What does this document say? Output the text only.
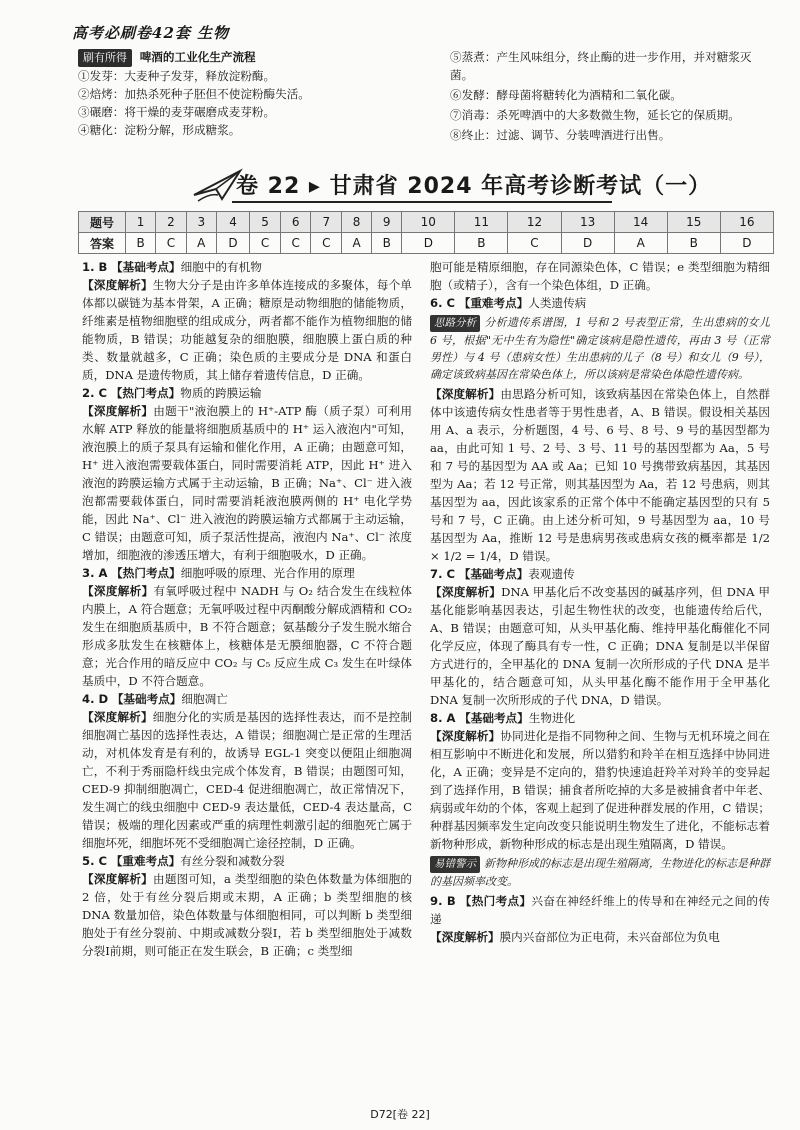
高考必刷卷42套 生物
刷有所得 啤酒的工业化生产流程
①发芽：大麦种子发芽，释放淀粉酶。
②焙烤：加热杀死种子胚但不使淀粉酶失活。
③碾磨：将干燥的麦芽碾磨成麦芽粉。
④糖化：淀粉分解，形成糖浆。
⑤蒸煮：产生风味组分，终止酶的进一步作用，并对糖浆灭菌。
⑥发酵：酵母菌将糖转化为酒精和二氧化碳。
⑦消毒：杀死啤酒中的大多数微生物，延长它的保质期。
⑧终止：过滤、调节、分装啤酒进行出售。
卷 22 ▸ 甘肃省 2024 年高考诊断考试（一）
题号	1	2	3	4	5	6	7	8	9	10	11	12	13	14	15	16
答案	B	C	A	D	C	C	C	A	B	D	B	C	D	A	B	D
1. B 【基础考点】细胞中的有机物
【深度解析】生物大分子是由许多单体连接成的多聚体，每个单体都以碳链为基本骨架，A 正确；糖原是动物细胞的储能物质，纤维素是植物细胞壁的组成成分，两者都不能作为植物细胞的储能物质，B 错误；功能越复杂的细胞膜，细胞膜上蛋白质的种类、数量就越多，C 正确；染色质的主要成分是 DNA 和蛋白质，DNA 是遗传物质，其上储存着遗传信息，D 正确。
2. C 【热门考点】物质的跨膜运输
【深度解析】由题干"液泡膜上的 H⁺-ATP 酶（质子泵）可利用水解 ATP 释放的能量将细胞质基质中的 H⁺ 运入液泡内"可知，液泡膜上的质子泵具有运输和催化作用，A 正确；由题意可知，H⁺ 进入液泡需要载体蛋白，同时需要消耗 ATP，因此 H⁺ 进入液泡的跨膜运输方式属于主动运输，B 正确；Na⁺、Cl⁻ 进入液泡都需要载体蛋白，同时需要消耗液泡膜两侧的 H⁺ 电化学势能，因此 Na⁺、Cl⁻ 进入液泡的跨膜运输方式都属于主动运输，C 错误；由题意可知，质子泵活性提高，液泡内 Na⁺、Cl⁻ 浓度增加，细胞液的渗透压增大，有利于细胞吸水，D 正确。
3. A 【热门考点】细胞呼吸的原理、光合作用的原理
【深度解析】有氧呼吸过程中 NADH 与 O₂ 结合发生在线粒体内膜上，A 符合题意；无氧呼吸过程中丙酮酸分解成酒精和 CO₂ 发生在细胞质基质中，B 不符合题意；氨基酸分子发生脱水缩合形成多肽发生在核糖体上，核糖体是无膜细胞器，C 不符合题意；光合作用的暗反应中 CO₂ 与 C₅ 反应生成 C₃ 发生在叶绿体基质中，D 不符合题意。
4. D 【基础考点】细胞凋亡
【深度解析】细胞分化的实质是基因的选择性表达，而不是控制细胞凋亡基因的选择性表达，A 错误；细胞凋亡是正常的生理活动，对机体发育是有利的，故诱导 EGL-1 突变以便阻止细胞凋亡，不利于秀丽隐杆线虫完成个体发育，B 错误；由题图可知，CED-9 抑制细胞凋亡，CED-4 促进细胞凋亡，故正常情况下，发生凋亡的线虫细胞中 CED-9 表达量低，CED-4 表达量高，C 错误；极端的理化因素或严重的病理性刺激引起的细胞死亡属于细胞坏死，细胞坏死不受细胞凋亡途径控制，D 正确。
5. C 【重难考点】有丝分裂和减数分裂
【深度解析】由题图可知，a 类型细胞的染色体数量为体细胞的 2 倍，处于有丝分裂后期或末期，A 正确；b 类型细胞的核 DNA 数量加倍，染色体数量与体细胞相同，可以判断 b 类型细胞处于有丝分裂前、中期或减数分裂Ⅰ，若 b 类型细胞处于减数分裂Ⅰ前期，则可能正在发生联会，B 正确；c 类型细
胞可能是精原细胞，存在同源染色体，C 错误；e 类型细胞为精细胞（或精子），含有一个染色体组，D 正确。
6. C 【重难考点】人类遗传病
思路分析 分析遗传系谱图，1 号和 2 号表型正常，生出患病的女儿 6 号，根据"无中生有为隐性"确定该病是隐性遗传，再由 3 号（正常男性）与 4 号（患病女性）生出患病的儿子（8 号）和女儿（9 号），确定该致病基因在常染色体上，所以该病是常染色体隐性遗传病。
【深度解析】由思路分析可知，该致病基因在常染色体上，自然群体中该遗传病女性患者等于男性患者，A、B 错误。假设相关基因用 A、a 表示，分析题图，4 号、6 号、8 号、9 号的基因型都为 aa，由此可知 1 号、2 号、3 号、11 号的基因型都为 Aa，5 号和 7 号的基因型为 AA 或 Aa；已知 10 号携带致病基因，其基因型为 Aa；若 12 号正常，则其基因型为 Aa，若 12 号患病，则其基因型为 aa，因此该家系的正常个体中不能确定基因型的只有 5 号和 7 号，C 正确。由上述分析可知，9 号基因型为 aa，10 号基因型为 Aa，推断 12 号是患病男孩或患病女孩的概率都是 1/2 × 1/2 = 1/4，D 错误。
7. C 【基础考点】表观遗传
【深度解析】DNA 甲基化后不改变基因的碱基序列，但 DNA 甲基化能影响基因表达，引起生物性状的改变，也能遗传给后代，A、B 错误；由题意可知，从头甲基化酶、维持甲基化酶催化不同化学反应，体现了酶具有专一性，C 正确；DNA 复制是以半保留方式进行的，全甲基化的 DNA 复制一次所形成的子代 DNA 是半甲基化的，结合题意可知，从头甲基化酶不能作用于全甲基化 DNA 复制一次所形成的子代 DNA，D 错误。
8. A 【基础考点】生物进化
【深度解析】协同进化是指不同物种之间、生物与无机环境之间在相互影响中不断进化和发展，所以猎豹和羚羊在相互选择中协同进化，A 正确；变异是不定向的，猎豹快速追赶羚羊对羚羊的变异起到了选择作用，B 错误；捕食者所吃掉的大多是被捕食者中年老、病弱或年幼的个体，客观上起到了促进种群发展的作用，C 错误；种群基因频率发生定向改变只能说明生物发生了进化，不能标志着新物种形成，新物种形成的标志是出现生殖隔离，D 错误。
易错警示 新物种形成的标志是出现生殖隔离，生物进化的标志是种群的基因频率改变。
9. B 【热门考点】兴奋在神经纤维上的传导和在神经元之间的传递
【深度解析】膜内兴奋部位为正电荷，未兴奋部位为负电
D72[卷 22]
